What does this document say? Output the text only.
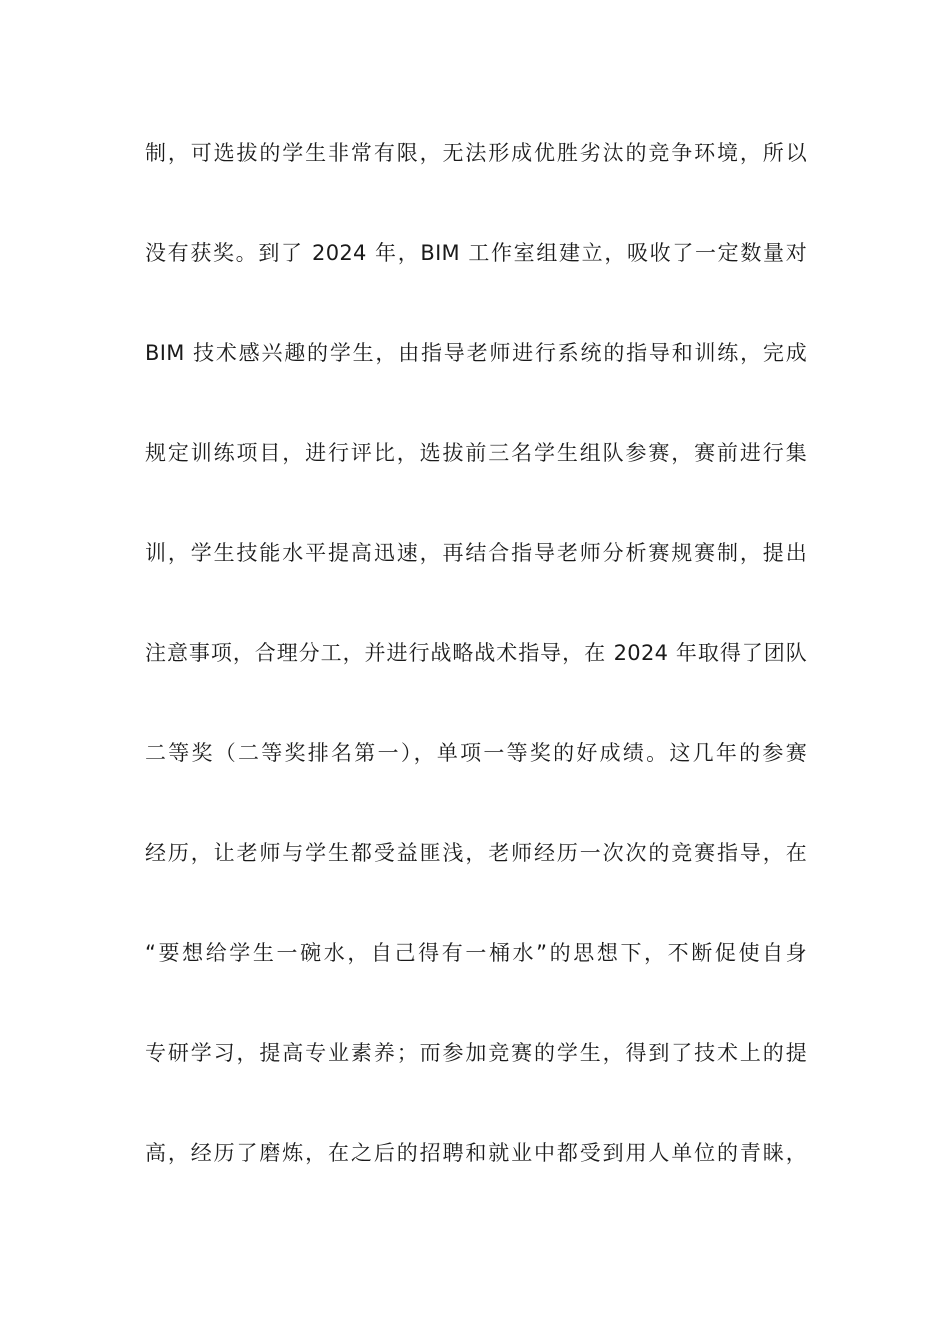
制，可选拔的学生非常有限，无法形成优胜劣汰的竞争环境，所以
没有获奖。到了 2024 年，BIM 工作室组建立，吸收了一定数量对
BIM 技术感兴趣的学生，由指导老师进行系统的指导和训练，完成
规定训练项目，进行评比，选拔前三名学生组队参赛，赛前进行集
训，学生技能水平提高迅速，再结合指导老师分析赛规赛制，提出
注意事项，合理分工，并进行战略战术指导，在 2024 年取得了团队
二等奖（二等奖排名第一），单项一等奖的好成绩。这几年的参赛
经历，让老师与学生都受益匪浅，老师经历一次次的竞赛指导，在
“要想给学生一碗水，自己得有一桶水”的思想下，不断促使自身
专研学习，提高专业素养；而参加竞赛的学生，得到了技术上的提
高，经历了磨炼，在之后的招聘和就业中都受到用人单位的青睐，
